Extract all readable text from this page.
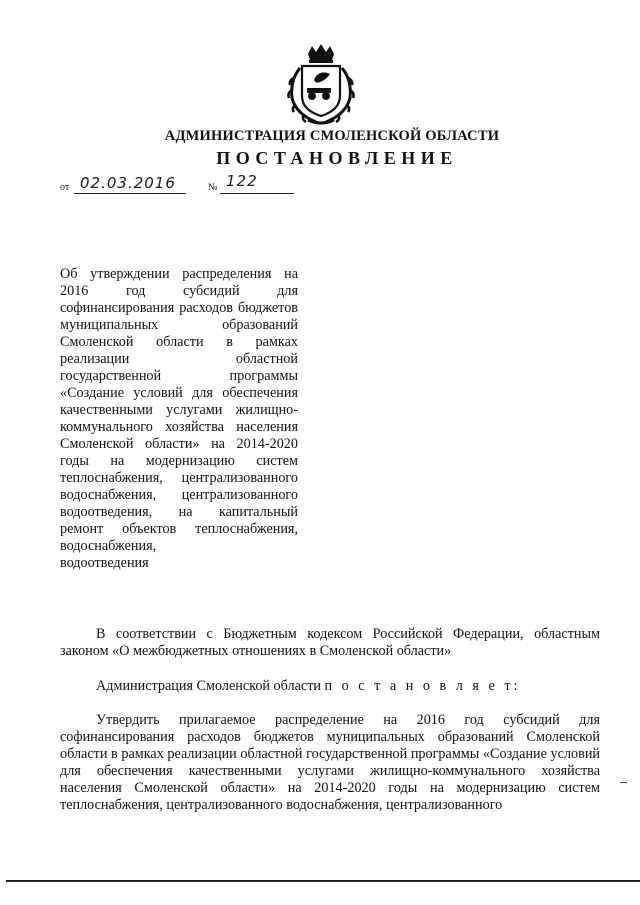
АДМИНИСТРАЦИЯ СМОЛЕНСКОЙ ОБЛАСТИ
ПОСТАНОВЛЕНИЕ
от 02.03.2016	№ 122
Об утверждении распределения на 2016 год субсидий для софинансирования расходов бюджетов муниципальных образований Смоленской области в рамках реализации областной государственной программы «Создание условий для обеспечения качественными услугами жилищно-коммунального хозяйства населения Смоленской области» на 2014-2020 годы на модернизацию систем теплоснабжения, централизованного водоснабжения, централизованного водоотведения, на капитальный ремонт объектов теплоснабжения, водоснабжения,
водоотведения

В соответствии с Бюджетным кодексом Российской Федерации, областным законом «О межбюджетных отношениях в Смоленской области»

Администрация Смоленской области п о с т а н о в л я е т:

Утвердить прилагаемое распределение на 2016 год субсидий для софинансирования расходов бюджетов муниципальных образований Смоленской области в рамках реализации областной государственной программы «Создание условий для обеспечения качественными услугами жилищно-коммунального хозяйства населения Смоленской области» на 2014-2020 годы на модернизацию систем теплоснабжения, централизованного водоснабжения, централизованного
